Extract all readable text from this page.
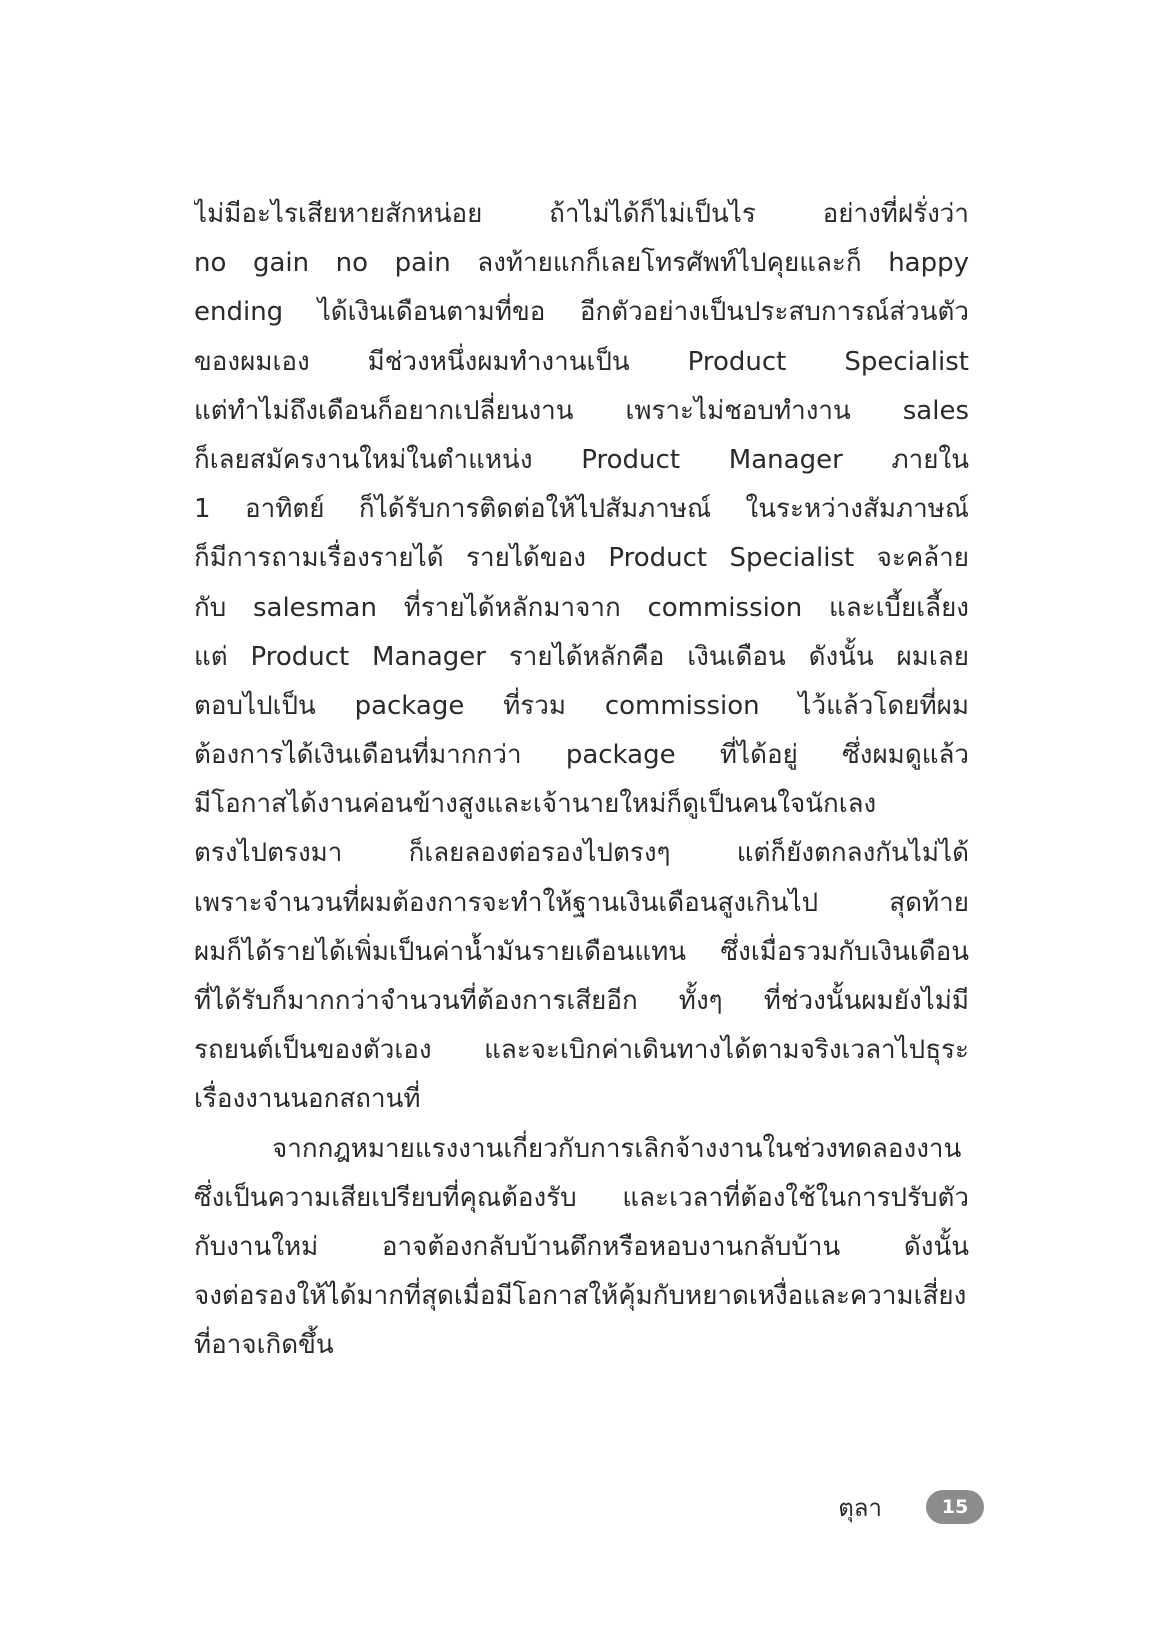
ไม่มีอะไรเสียหายสักหน่อย ถ้าไม่ได้ก็ไม่เป็นไร อย่างที่ฝรั่งว่า
no gain no pain ลงท้ายแกก็เลยโทรศัพท์ไปคุยและก็ happy
ending ได้เงินเดือนตามที่ขอ อีกตัวอย่างเป็นประสบการณ์ส่วนตัว
ของผมเอง มีช่วงหนึ่งผมทำงานเป็น Product Specialist
แต่ทำไม่ถึงเดือนก็อยากเปลี่ยนงาน เพราะไม่ชอบทำงาน sales
ก็เลยสมัครงานใหม่ในตำแหน่ง Product Manager ภายใน
1 อาทิตย์ ก็ได้รับการติดต่อให้ไปสัมภาษณ์ ในระหว่างสัมภาษณ์
ก็มีการถามเรื่องรายได้ รายได้ของ Product Specialist จะคล้าย
กับ salesman ที่รายได้หลักมาจาก commission และเบี้ยเลี้ยง
แต่ Product Manager รายได้หลักคือ เงินเดือน ดังนั้น ผมเลย
ตอบไปเป็น package ที่รวม commission ไว้แล้วโดยที่ผม
ต้องการได้เงินเดือนที่มากกว่า package ที่ได้อยู่ ซึ่งผมดูแล้ว
มีโอกาสได้งานค่อนข้างสูงและเจ้านายใหม่ก็ดูเป็นคนใจนักเลง
ตรงไปตรงมา ก็เลยลองต่อรองไปตรงๆ แต่ก็ยังตกลงกันไม่ได้
เพราะจำนวนที่ผมต้องการจะทำให้ฐานเงินเดือนสูงเกินไป สุดท้าย
ผมก็ได้รายได้เพิ่มเป็นค่าน้ำมันรายเดือนแทน ซึ่งเมื่อรวมกับเงินเดือน
ที่ได้รับก็มากกว่าจำนวนที่ต้องการเสียอีก ทั้งๆ ที่ช่วงนั้นผมยังไม่มี
รถยนต์เป็นของตัวเอง และจะเบิกค่าเดินทางได้ตามจริงเวลาไปธุระ
เรื่องงานนอกสถานที่
จากกฎหมายแรงงานเกี่ยวกับการเลิกจ้างงานในช่วงทดลองงาน
ซึ่งเป็นความเสียเปรียบที่คุณต้องรับ และเวลาที่ต้องใช้ในการปรับตัว
กับงานใหม่ อาจต้องกลับบ้านดึกหรือหอบงานกลับบ้าน ดังนั้น
จงต่อรองให้ได้มากที่สุดเมื่อมีโอกาสให้คุ้มกับหยาดเหงื่อและความเสี่ยง
ที่อาจเกิดขึ้น
ตุลา	15
